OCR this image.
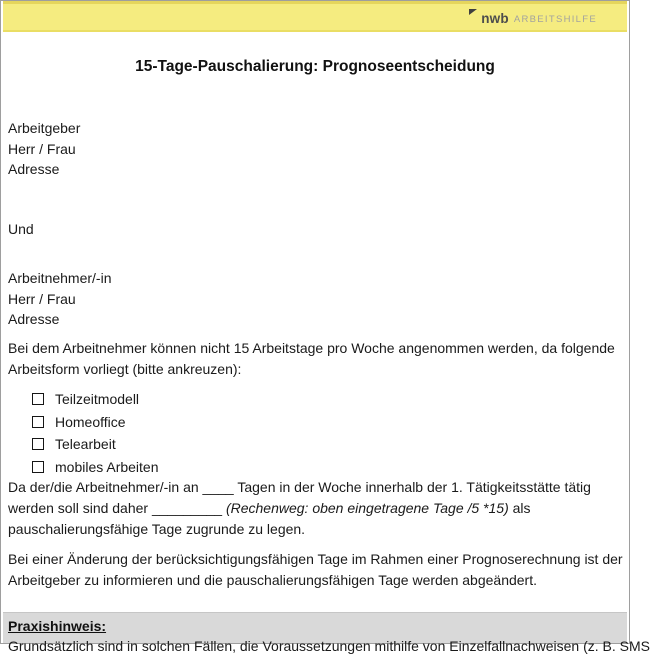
nwb ARBEITSHILFE
15-Tage-Pauschalierung: Prognoseentscheidung
Arbeitgeber
Herr / Frau
Adresse
Und
Arbeitnehmer/-in
Herr / Frau
Adresse
Bei dem Arbeitnehmer können nicht 15 Arbeitstage pro Woche angenommen werden, da folgende
Arbeitsform vorliegt (bitte ankreuzen):
Teilzeitmodell
Homeoffice
Telearbeit
mobiles Arbeiten
Da der/die Arbeitnehmer/-in an ____ Tagen in der Woche innerhalb der 1. Tätigkeitsstätte tätig
werden soll sind daher _________ (Rechenweg: oben eingetragene Tage /5 *15) als
pauschalierungsfähige Tage zugrunde zu legen.
Bei einer Änderung der berücksichtigungsfähigen Tage im Rahmen einer Prognoserechnung ist der
Arbeitgeber zu informieren und die pauschalierungsfähigen Tage werden abgeändert.
Praxishinweis:
Grundsätzlich sind in solchen Fällen, die Voraussetzungen mithilfe von Einzelfallnachweisen (z. B. SMS
